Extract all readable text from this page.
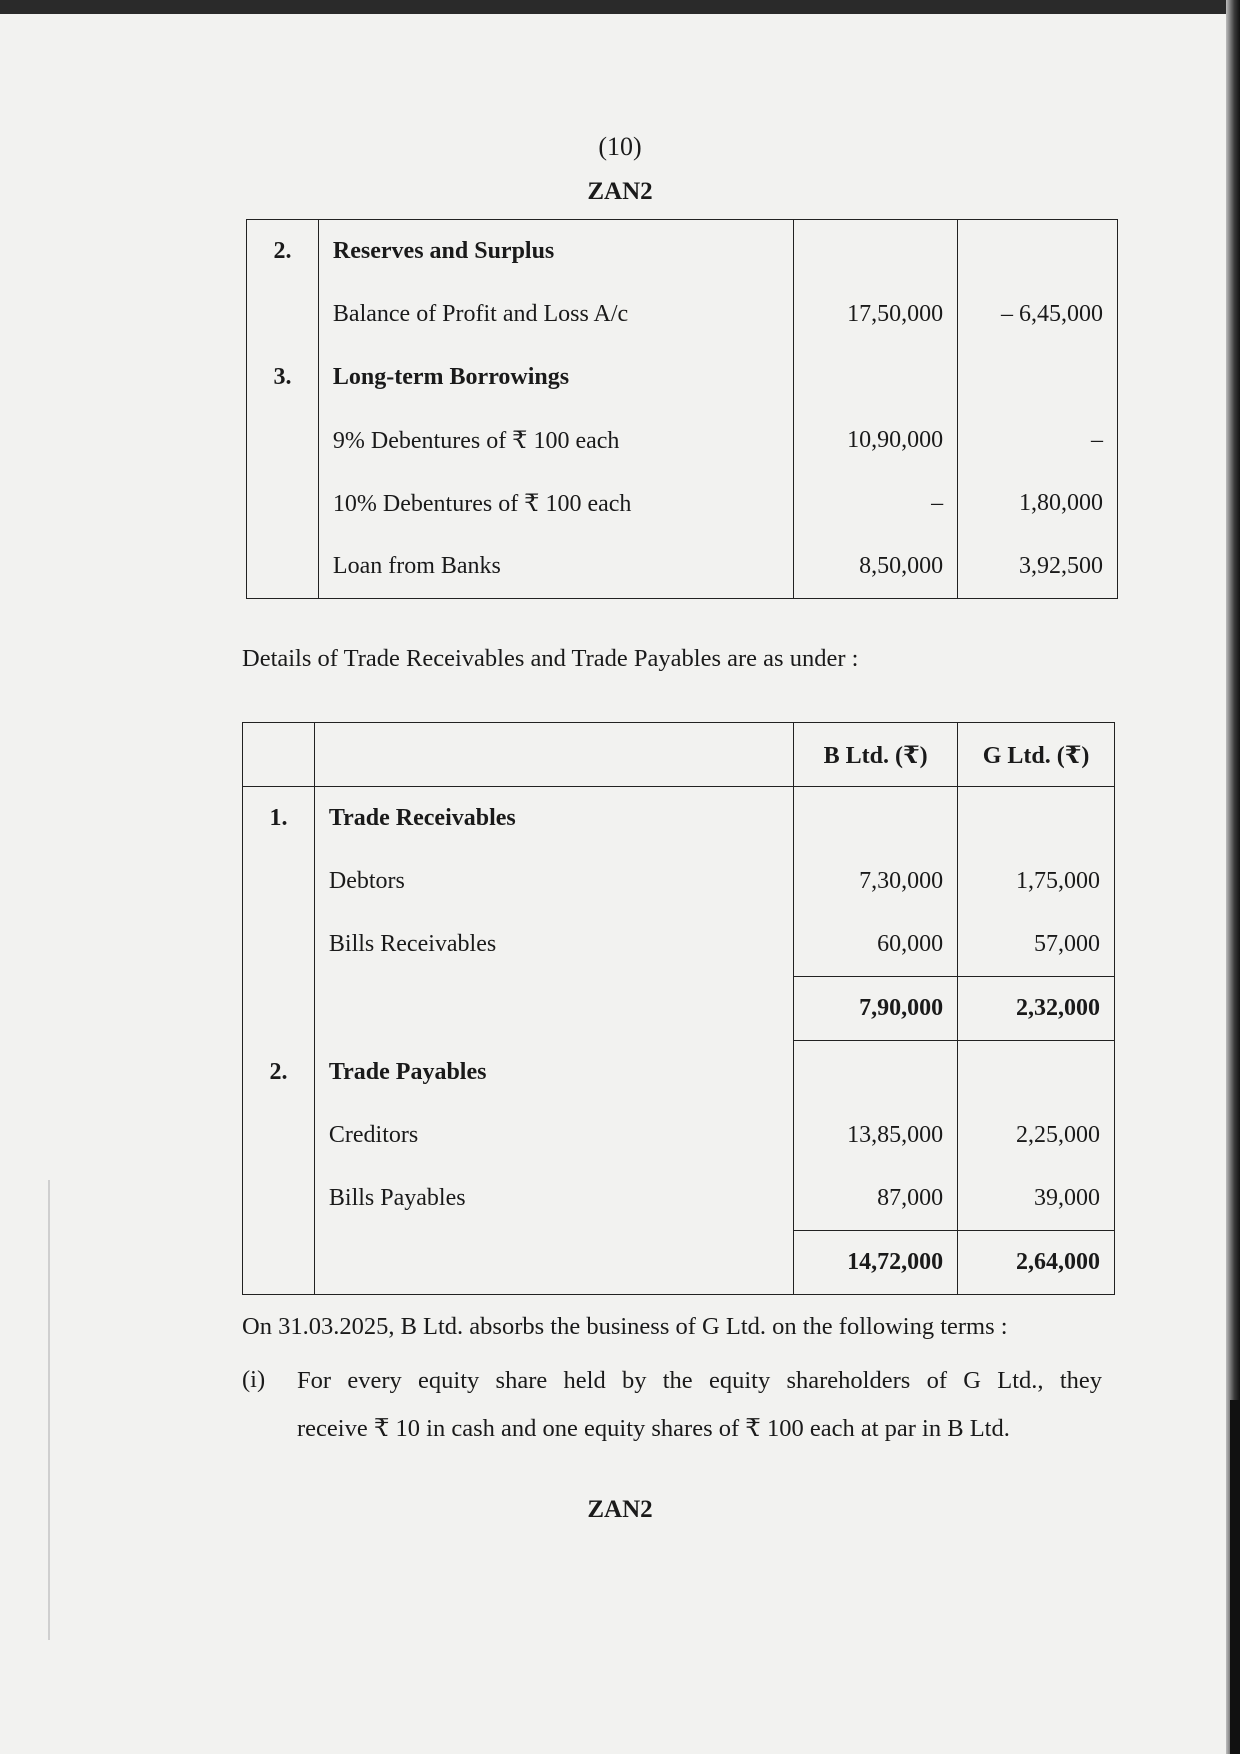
(10)
ZAN2
2.	Reserves and Surplus		
	Balance of Profit and Loss A/c	17,50,000	– 6,45,000
3.	Long-term Borrowings		
	9% Debentures of ₹ 100 each	10,90,000	–
	10% Debentures of ₹ 100 each	–	1,80,000
	Loan from Banks	8,50,000	3,92,500
Details of Trade Receivables and Trade Payables are as under :
		B Ltd. (₹)	G Ltd. (₹)
1.	Trade Receivables		
	Debtors	7,30,000	1,75,000
	Bills Receivables	60,000	57,000
		7,90,000	2,32,000
2.	Trade Payables		
	Creditors	13,85,000	2,25,000
	Bills Payables	87,000	39,000
		14,72,000	2,64,000
On 31.03.2025, B Ltd. absorbs the business of G Ltd. on the following terms :
(i) For every equity share held by the equity shareholders of G Ltd., they
receive ₹ 10 in cash and one equity shares of ₹ 100 each at par in B Ltd.
ZAN2
